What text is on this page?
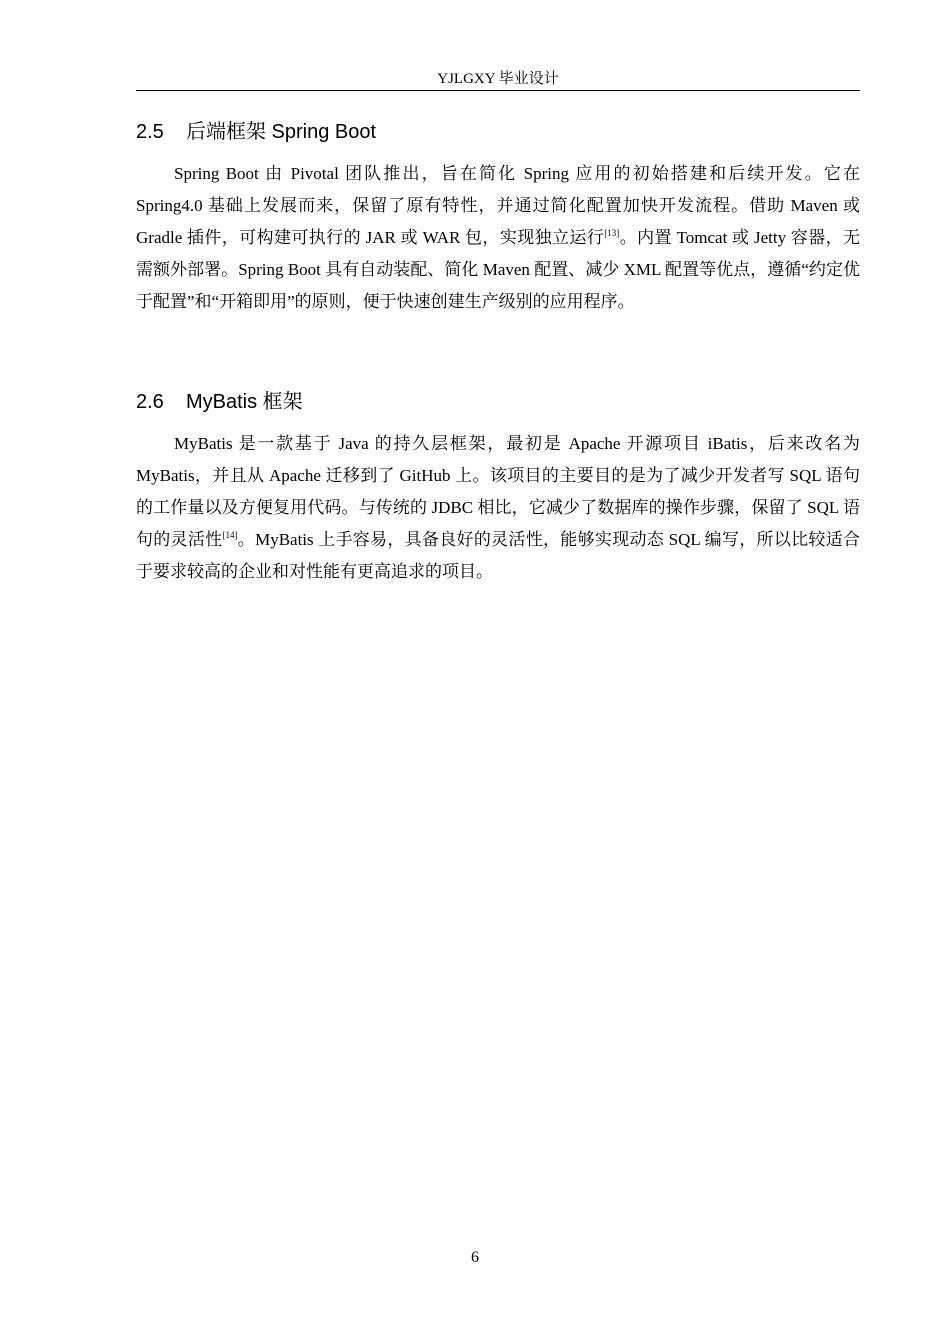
YJLGXY 毕业设计
2.5 后端框架 Spring Boot

Spring Boot 由 Pivotal 团队推出，旨在简化 Spring 应用的初始搭建和后续开发。它在 Spring4.0 基础上发展而来，保留了原有特性，并通过简化配置加快开发流程。借助 Maven 或 Gradle 插件，可构建可执行的 JAR 或 WAR 包，实现独立运行[13]。内置 Tomcat 或 Jetty 容器，无需额外部署。Spring Boot 具有自动装配、简化 Maven 配置、减少 XML 配置等优点，遵循“约定优于配置”和“开箱即用”的原则，便于快速创建生产级别的应用程序。

2.6 MyBatis 框架

MyBatis 是一款基于 Java 的持久层框架，最初是 Apache 开源项目 iBatis，后来改名为 MyBatis，并且从 Apache 迁移到了 GitHub 上。该项目的主要目的是为了减少开发者写 SQL 语句的工作量以及方便复用代码。与传统的 JDBC 相比，它减少了数据库的操作步骤，保留了 SQL 语句的灵活性[14]。MyBatis 上手容易，具备良好的灵活性，能够实现动态 SQL 编写，所以比较适合于要求较高的企业和对性能有更高追求的项目。

6
